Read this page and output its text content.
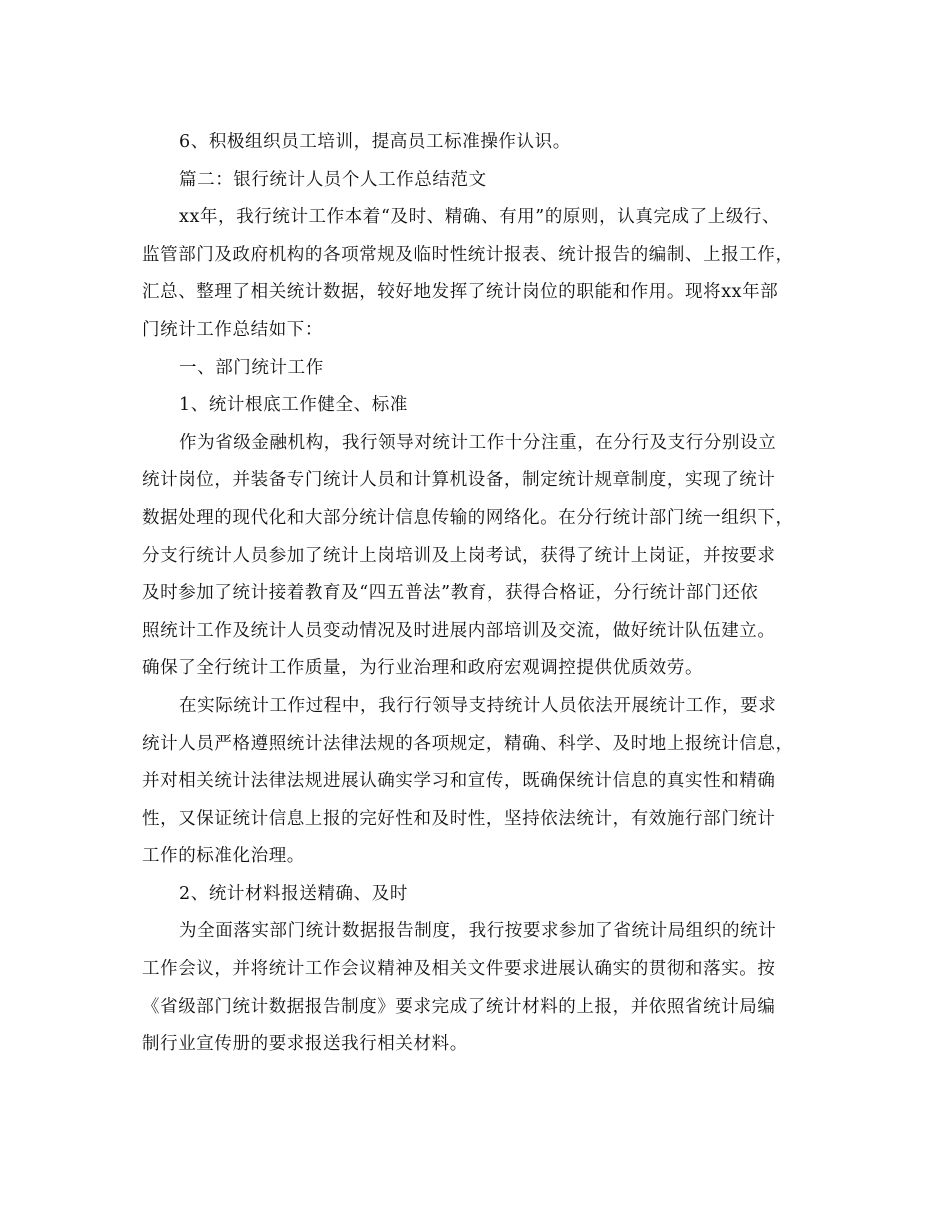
6、积极组织员工培训，提高员工标准操作认识。
篇二：银行统计人员个人工作总结范文
xx年，我行统计工作本着“及时、精确、有用”的原则，认真完成了上级行、
监管部门及政府机构的各项常规及临时性统计报表、统计报告的编制、上报工作，
汇总、整理了相关统计数据，较好地发挥了统计岗位的职能和作用。现将xx年部
门统计工作总结如下：
一、部门统计工作
1、统计根底工作健全、标准
作为省级金融机构，我行领导对统计工作十分注重，在分行及支行分别设立
统计岗位，并装备专门统计人员和计算机设备，制定统计规章制度，实现了统计
数据处理的现代化和大部分统计信息传输的网络化。在分行统计部门统一组织下，
分支行统计人员参加了统计上岗培训及上岗考试，获得了统计上岗证，并按要求
及时参加了统计接着教育及“四五普法”教育，获得合格证，分行统计部门还依
照统计工作及统计人员变动情况及时进展内部培训及交流，做好统计队伍建立。
确保了全行统计工作质量，为行业治理和政府宏观调控提供优质效劳。
在实际统计工作过程中，我行行领导支持统计人员依法开展统计工作，要求
统计人员严格遵照统计法律法规的各项规定，精确、科学、及时地上报统计信息，
并对相关统计法律法规进展认确实学习和宣传，既确保统计信息的真实性和精确
性，又保证统计信息上报的完好性和及时性，坚持依法统计，有效施行部门统计
工作的标准化治理。
2、统计材料报送精确、及时
为全面落实部门统计数据报告制度，我行按要求参加了省统计局组织的统计
工作会议，并将统计工作会议精神及相关文件要求进展认确实的贯彻和落实。按
《省级部门统计数据报告制度》要求完成了统计材料的上报，并依照省统计局编
制行业宣传册的要求报送我行相关材料。
